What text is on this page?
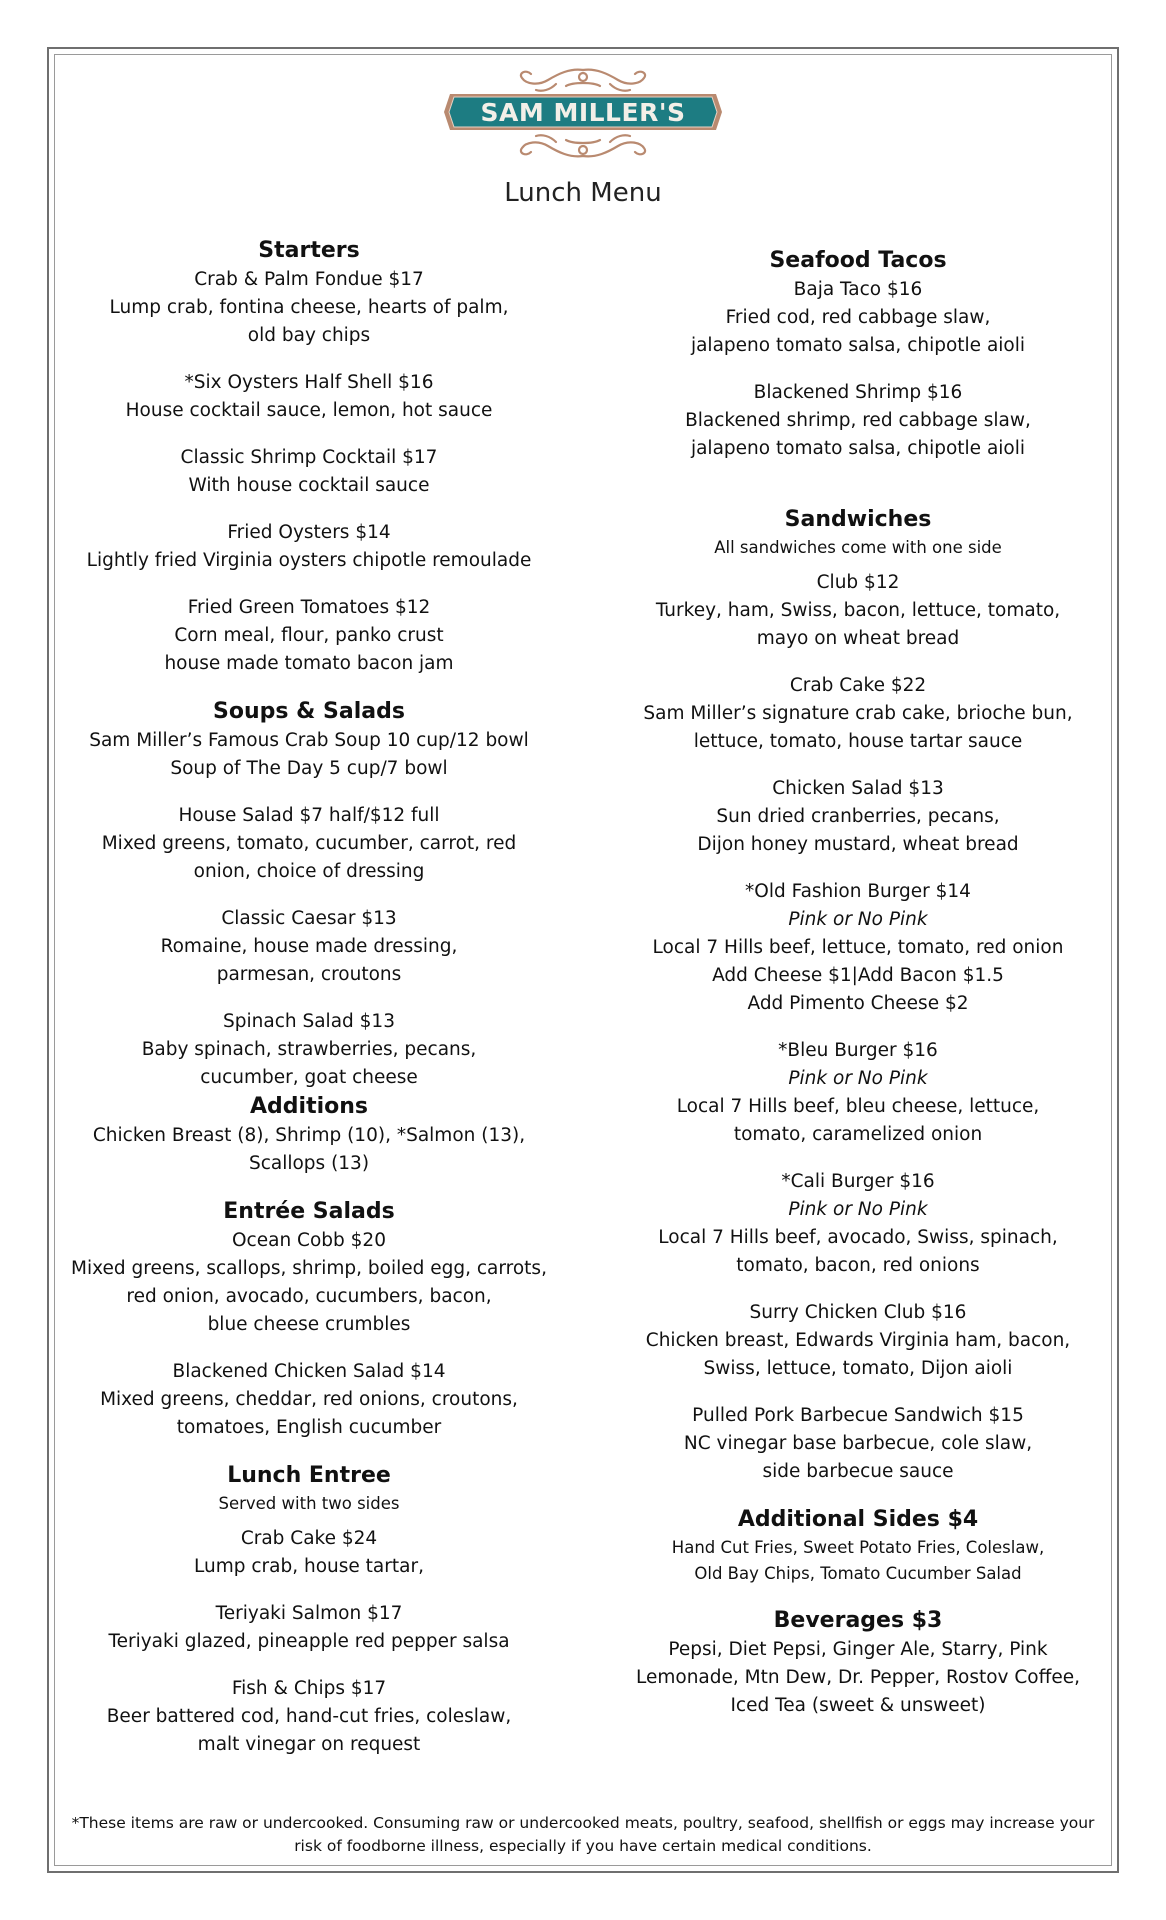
SAM MILLER'S
Lunch Menu
Starters
Crab & Palm Fondue $17
Lump crab, fontina cheese, hearts of palm,
old bay chips
*Six Oysters Half Shell $16
House cocktail sauce, lemon, hot sauce
Classic Shrimp Cocktail $17
With house cocktail sauce
Fried Oysters $14
Lightly fried Virginia oysters chipotle remoulade
Fried Green Tomatoes $12
Corn meal, flour, panko crust
house made tomato bacon jam
Soups & Salads
Sam Miller’s Famous Crab Soup 10 cup/12 bowl
Soup of The Day 5 cup/7 bowl
House Salad $7 half/$12 full
Mixed greens, tomato, cucumber, carrot, red
onion, choice of dressing
Classic Caesar $13
Romaine, house made dressing,
parmesan, croutons
Spinach Salad $13
Baby spinach, strawberries, pecans,
cucumber, goat cheese
Additions
Chicken Breast (8), Shrimp (10), *Salmon (13),
Scallops (13)
Entrée Salads
Ocean Cobb $20
Mixed greens, scallops, shrimp, boiled egg, carrots,
red onion, avocado, cucumbers, bacon,
blue cheese crumbles
Blackened Chicken Salad $14
Mixed greens, cheddar, red onions, croutons,
tomatoes, English cucumber
Lunch Entree
Served with two sides
Crab Cake $24
Lump crab, house tartar,
Teriyaki Salmon $17
Teriyaki glazed, pineapple red pepper salsa
Fish & Chips $17
Beer battered cod, hand-cut fries, coleslaw,
malt vinegar on request
Seafood Tacos
Baja Taco $16
Fried cod, red cabbage slaw,
jalapeno tomato salsa, chipotle aioli
Blackened Shrimp $16
Blackened shrimp, red cabbage slaw,
jalapeno tomato salsa, chipotle aioli
Sandwiches
All sandwiches come with one side
Club $12
Turkey, ham, Swiss, bacon, lettuce, tomato,
mayo on wheat bread
Crab Cake $22
Sam Miller’s signature crab cake, brioche bun,
lettuce, tomato, house tartar sauce
Chicken Salad $13
Sun dried cranberries, pecans,
Dijon honey mustard, wheat bread
*Old Fashion Burger $14
Pink or No Pink
Local 7 Hills beef, lettuce, tomato, red onion
Add Cheese $1|Add Bacon $1.5
Add Pimento Cheese $2
*Bleu Burger $16
Pink or No Pink
Local 7 Hills beef, bleu cheese, lettuce,
tomato, caramelized onion
*Cali Burger $16
Pink or No Pink
Local 7 Hills beef, avocado, Swiss, spinach,
tomato, bacon, red onions
Surry Chicken Club $16
Chicken breast, Edwards Virginia ham, bacon,
Swiss, lettuce, tomato, Dijon aioli
Pulled Pork Barbecue Sandwich $15
NC vinegar base barbecue, cole slaw,
side barbecue sauce
Additional Sides $4
Hand Cut Fries, Sweet Potato Fries, Coleslaw,
Old Bay Chips, Tomato Cucumber Salad
Beverages $3
Pepsi, Diet Pepsi, Ginger Ale, Starry, Pink
Lemonade, Mtn Dew, Dr. Pepper, Rostov Coffee,
Iced Tea (sweet & unsweet)
*These items are raw or undercooked. Consuming raw or undercooked meats, poultry, seafood, shellfish or eggs may increase your
risk of foodborne illness, especially if you have certain medical conditions.
